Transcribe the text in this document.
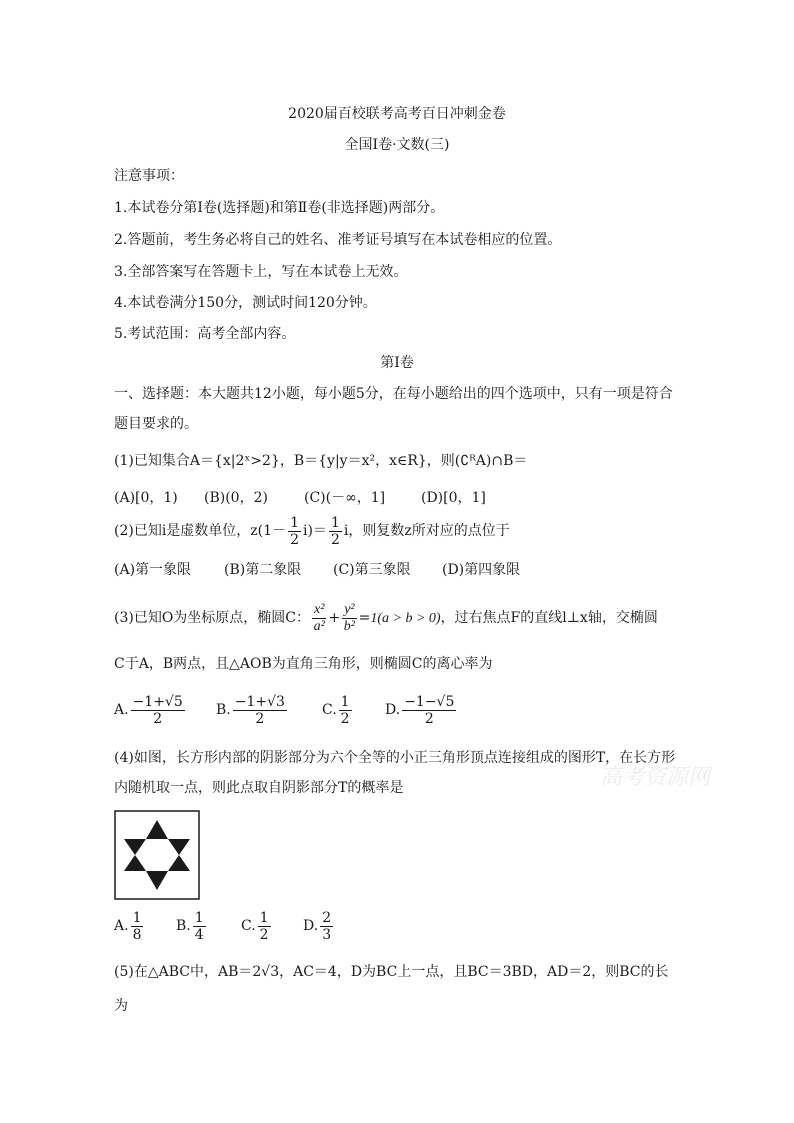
2020届百校联考高考百日冲刺金卷
全国Ⅰ卷·文数(三)
注意事项：
1.本试卷分第Ⅰ卷(选择题)和第Ⅱ卷(非选择题)两部分。
2.答题前，考生务必将自己的姓名、准考证号填写在本试卷相应的位置。
3.全部答案写在答题卡上，写在本试卷上无效。
4.本试卷满分150分，测试时间120分钟。
5.考试范围：高考全部内容。
第Ⅰ卷
一、选择题：本大题共12小题，每小题5分，在每小题给出的四个选项中，只有一项是符合
题目要求的。
(1)已知集合A＝{x|2ˣ>2}，B＝{y|y＝x²，x∈R}，则(∁ᴿA)∩B＝
(A)[0，1) (B)(0，2)	(C)(－∞，1]	(D)[0，1]
(2)已知i是虚数单位，$z(1- \frac{1}{2} i)= \frac{1}{2}$ i，则复数z所对应的点位于
(A)第一象限 (B)第二象限 (C)第三象限 (D)第四象限
(3)已知O为坐标原点，椭圆C： $\frac{\text{x²}}{\text{a²}} + \frac{\text{y²}}{\text{b²}} =1(a > b > 0)$，过右焦点F的直线l⊥x轴，交椭圆
C于A，B两点，且△AOB为直角三角形，则椭圆C的离心率为
A. $\frac{-1+√5}{2} B$. $\frac{-1+√3}{2}$	C. $\frac{1}{2} D$. $\frac{-1-√5}{2}$
(4)如图，长方形内部的阴影部分为六个全等的小正三角形顶点连接组成的图形T，在长方形
内随机取一点，则此点取自阴影部分T的概率是
A. $\frac{1}{8} B$. $\frac{1}{4}$	C. $\frac{1}{2} D$. $\frac{2}{3}$
(5)在△ABC中，AB＝2√3，AC＝4，D为BC上一点，且BC＝3BD，AD＝2，则BC的长
为
高考资源网
